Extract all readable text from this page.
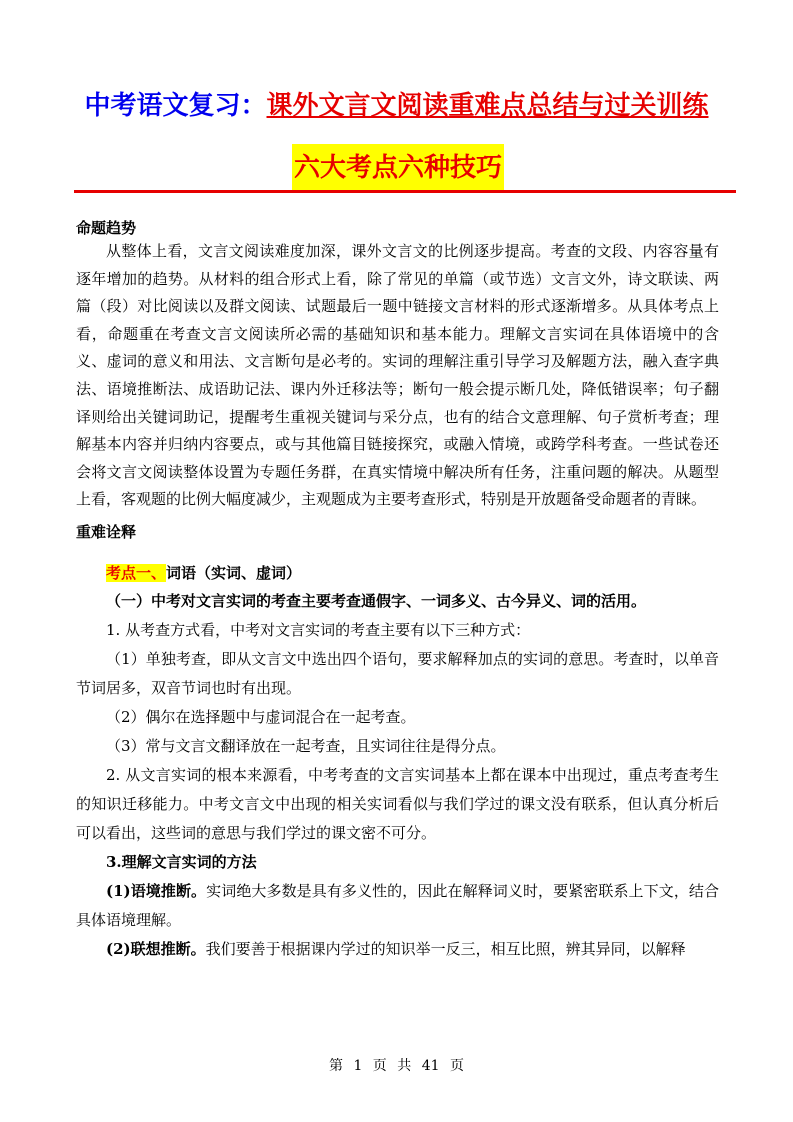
中考语文复习：课外文言文阅读重难点总结与过关训练
六大考点六种技巧

命题趋势

从整体上看，文言文阅读难度加深，课外文言文的比例逐步提高。考查的文段、内容容量有逐年增加的趋势。从材料的组合形式上看，除了常见的单篇（或节选）文言文外，诗文联读、两篇（段）对比阅读以及群文阅读、试题最后一题中链接文言材料的形式逐渐增多。从具体考点上看，命题重在考查文言文阅读所必需的基础知识和基本能力。理解文言实词在具体语境中的含义、虚词的意义和用法、文言断句是必考的。实词的理解注重引导学习及解题方法，融入查字典法、语境推断法、成语助记法、课内外迁移法等；断句一般会提示断几处，降低错误率；句子翻译则给出关键词助记，提醒考生重视关键词与采分点，也有的结合文意理解、句子赏析考查；理解基本内容并归纳内容要点，或与其他篇目链接探究，或融入情境，或跨学科考查。一些试卷还会将文言文阅读整体设置为专题任务群，在真实情境中解决所有任务，注重问题的解决。从题型上看，客观题的比例大幅度减少，主观题成为主要考查形式，特别是开放题备受命题者的青睐。

重难诠释

考点一、词语（实词、虚词）

（一）中考对文言实词的考查主要考查通假字、一词多义、古今异义、词的活用。

1. 从考查方式看，中考对文言实词的考查主要有以下三种方式：

（1）单独考查，即从文言文中选出四个语句，要求解释加点的实词的意思。考查时，以单音节词居多，双音节词也时有出现。

（2）偶尔在选择题中与虚词混合在一起考查。

（3）常与文言文翻译放在一起考查，且实词往往是得分点。

2. 从文言实词的根本来源看，中考考查的文言实词基本上都在课本中出现过，重点考查考生的知识迁移能力。中考文言文中出现的相关实词看似与我们学过的课文没有联系，但认真分析后可以看出，这些词的意思与我们学过的课文密不可分。

3.理解文言实词的方法

(1)语境推断。实词绝大多数是具有多义性的，因此在解释词义时，要紧密联系上下文，结合具体语境理解。

(2)联想推断。我们要善于根据课内学过的知识举一反三，相互比照，辨其异同，以解释

第 1 页 共 41 页
